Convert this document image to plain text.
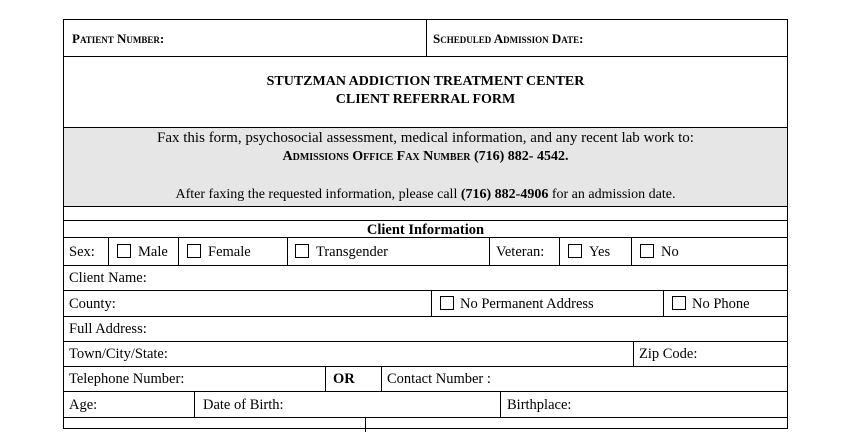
Patient Number:	Scheduled Admission Date:
STUTZMAN ADDICTION TREATMENT CENTER
CLIENT REFERRAL FORM
Fax this form, psychosocial assessment, medical information, and any recent lab work to:
Admissions Office Fax Number (716) 882- 4542.
After faxing the requested information, please call (716) 882-4906 for an admission date.
Client Information
Sex:	Male	Female	Transgender	Veteran:	Yes	No
Client Name:
County:	No Permanent Address	No Phone
Full Address:
Town/City/State:	Zip Code:
Telephone Number:	OR Contact Number :
Age:	Date of Birth:	Birthplace:
